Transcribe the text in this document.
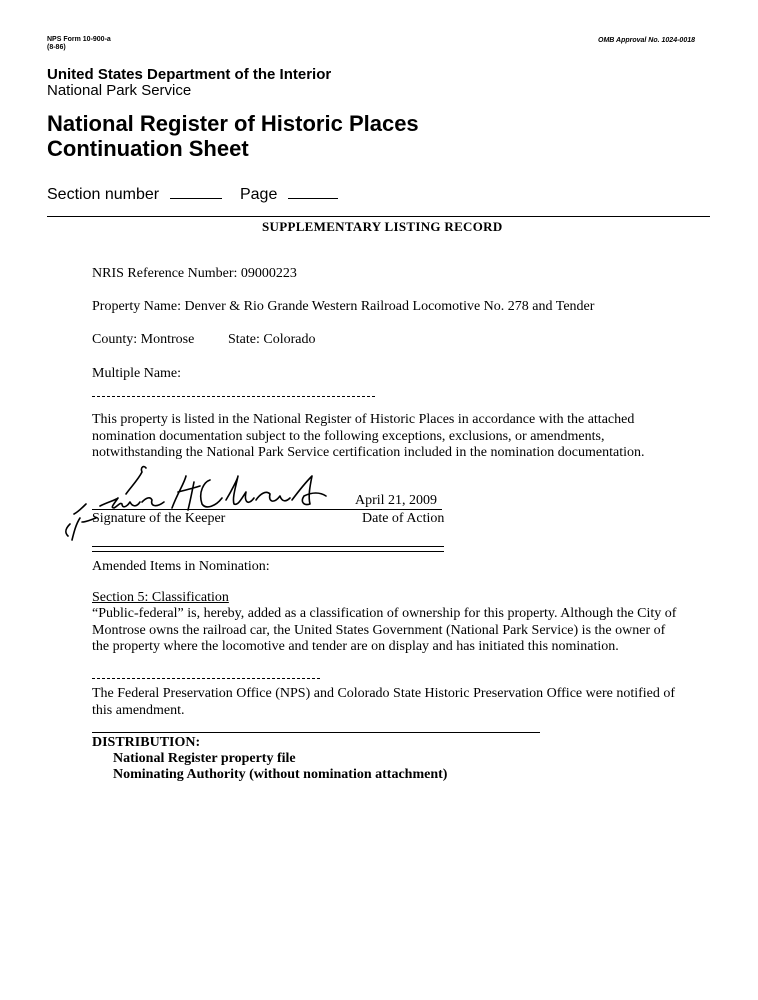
NPS Form 10-900-a
(8-86)
OMB Approval No. 1024-0018
United States Department of the Interior
National Park Service
National Register of Historic Places
Continuation Sheet
Section number	Page
SUPPLEMENTARY LISTING RECORD
NRIS Reference Number: 09000223
Property Name: Denver & Rio Grande Western Railroad Locomotive No. 278 and Tender
County: Montrose State: Colorado
Multiple Name:
This property is listed in the National Register of Historic Places in accordance with the attached nomination documentation subject to the following exceptions, exclusions, or amendments, notwithstanding the National Park Service certification included in the nomination documentation.
April 21, 2009
Signature of the Keeper	Date of Action
Amended Items in Nomination:
Section 5: Classification
“Public-federal” is, hereby, added as a classification of ownership for this property. Although the City of Montrose owns the railroad car, the United States Government (National Park Service) is the owner of the property where the locomotive and tender are on display and has initiated this nomination.
The Federal Preservation Office (NPS) and Colorado State Historic Preservation Office were notified of this amendment.
DISTRIBUTION:
National Register property file
Nominating Authority (without nomination attachment)
